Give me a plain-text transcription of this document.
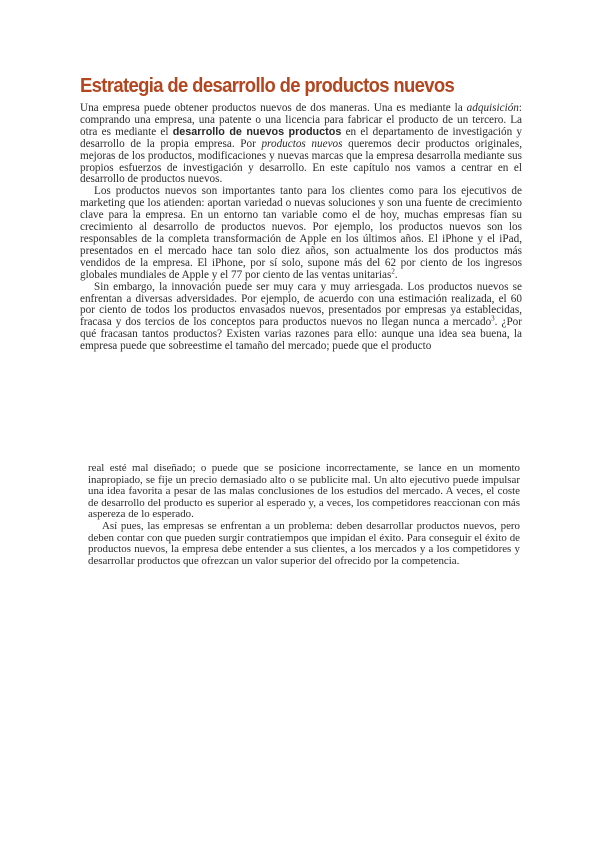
Estrategia de desarrollo de productos nuevos

Una empresa puede obtener productos nuevos de dos maneras. Una es mediante la adquisición: comprando una empresa, una patente o una licencia para fabricar el producto de un tercero. La otra es mediante el desarrollo de nuevos productos en el departamento de investigación y desarrollo de la propia empresa. Por productos nuevos queremos decir productos originales, mejoras de los productos, modificaciones y nuevas marcas que la empresa desarrolla mediante sus propios esfuerzos de investigación y desarrollo. En este capítulo nos vamos a centrar en el desarrollo de productos nuevos.

Los productos nuevos son importantes tanto para los clientes como para los ejecutivos de marketing que los atienden: aportan variedad o nuevas soluciones y son una fuente de crecimiento clave para la empresa. En un entorno tan variable como el de hoy, muchas empresas fían su crecimiento al desarrollo de productos nuevos. Por ejemplo, los productos nuevos son los responsables de la completa transformación de Apple en los últimos años. El iPhone y el iPad, presentados en el mercado hace tan solo diez años, son actualmente los dos productos más vendidos de la empresa. El iPhone, por sí solo, supone más del 62 por ciento de los ingresos globales mundiales de Apple y el 77 por ciento de las ventas unitarias$^2$.

Sin embargo, la innovación puede ser muy cara y muy arriesgada. Los productos nuevos se enfrentan a diversas adversidades. Por ejemplo, de acuerdo con una estimación realizada, el 60 por ciento de todos los productos envasados nuevos, presentados por empresas ya establecidas, fracasa y dos tercios de los conceptos para productos nuevos no llegan nunca a mercado$^3$. ¿Por qué fracasan tantos productos? Existen varias razones para ello: aunque una idea sea buena, la empresa puede que sobreestime el tamaño del mercado; puede que el producto

real esté mal diseñado; o puede que se posicione incorrectamente, se lance en un momento inapropiado, se fije un precio demasiado alto o se publicite mal. Un alto ejecutivo puede impulsar una idea favorita a pesar de las malas conclusiones de los estudios del mercado. A veces, el coste de desarrollo del producto es superior al esperado y, a veces, los competidores reaccionan con más aspereza de lo esperado.

Así pues, las empresas se enfrentan a un problema: deben desarrollar productos nuevos, pero deben contar con que pueden surgir contratiempos que impidan el éxito. Para conseguir el éxito de productos nuevos, la empresa debe entender a sus clientes, a los mercados y a los competidores y desarrollar productos que ofrezcan un valor superior del ofrecido por la competencia.
